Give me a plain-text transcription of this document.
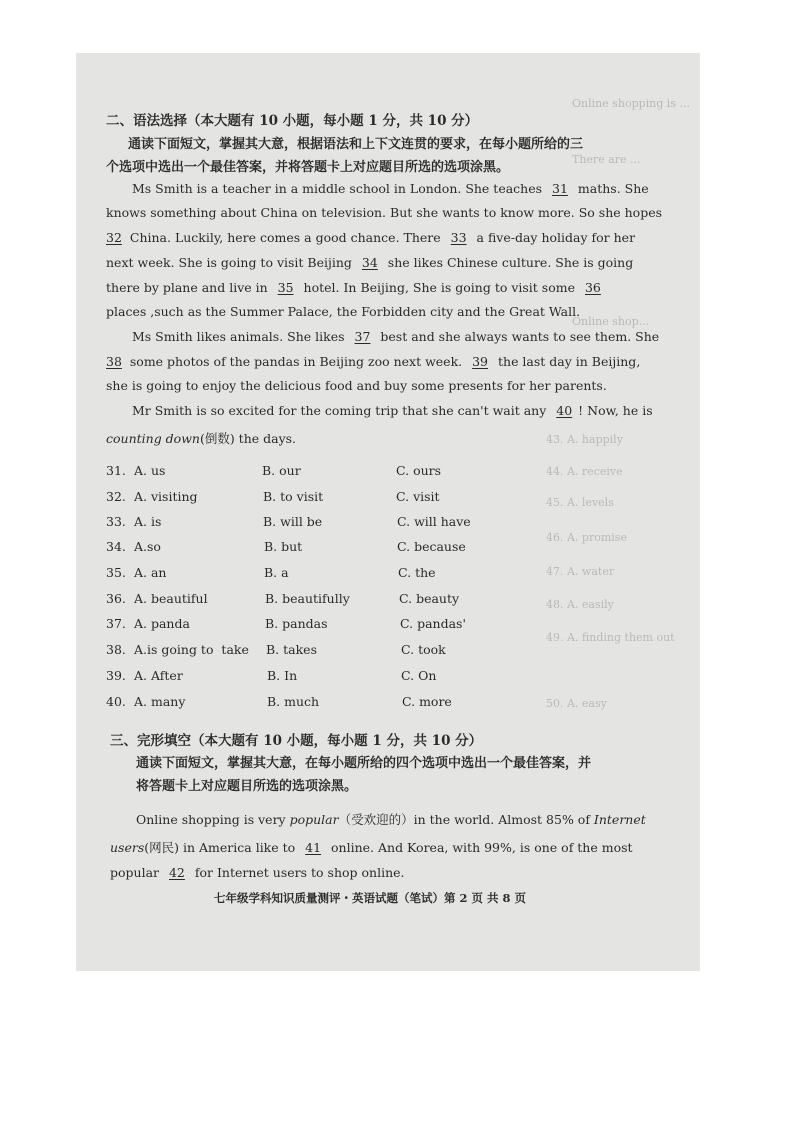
Online shopping is ...
There are ...
Online shop...
43. A. happily
44. A. receive
45. A. levels
46. A. promise
47. A. water
48. A. easily
49. A. finding them out
50. A. easy
二、语法选择（本大题有 10 小题，每小题 1 分，共 10 分）
通读下面短文，掌握其大意，根据语法和上下文连贯的要求，在每小题所给的三
个选项中选出一个最佳答案，并将答题卡上对应题目所选的选项涂黑。
Ms Smith is a teacher in a middle school in London. She teaches 31 maths. She
knows something about China on television. But she wants to know more. So she hopes
32 China. Luckily, here comes a good chance. There 33 a five-day holiday for her
next week. She is going to visit Beijing 34 she likes Chinese culture. She is going
there by plane and live in 35 hotel. In Beijing, She is going to visit some 36
places ,such as the Summer Palace, the Forbidden city and the Great Wall.
Ms Smith likes animals. She likes 37 best and she always wants to see them. She
38 some photos of the pandas in Beijing zoo next week. 39 the last day in Beijing,
she is going to enjoy the delicious food and buy some presents for her parents.
Mr Smith is so excited for the coming trip that she can't wait any 40 ! Now, he is
counting down(倒数) the days.
31. A. us	B. our	C. ours
32. A. visiting	B. to visit	C. visit
33. A. is	B. will be	C. will have
34. A.so	B. but	C. because
35. A. an	B. a	C. the
36. A. beautiful	B. beautifully	C. beauty
37. A. panda	B. pandas	C. pandas'
38. A.is going to  take B. takes	C. took
39. A. After	B. In	C. On
40. A. many	B. much	C. more
三、完形填空（本大题有 10 小题，每小题 1 分，共 10 分）
通读下面短文，掌握其大意，在每小题所给的四个选项中选出一个最佳答案，并
将答题卡上对应题目所选的选项涂黑。
Online shopping is very popular（受欢迎的）in the world. Almost 85% of Internet
users(网民) in America like to 41 online. And Korea, with 99%, is one of the most
popular 42 for Internet users to shop online.
七年级学科知识质量测评・英语试题（笔试）第 2 页 共 8 页
